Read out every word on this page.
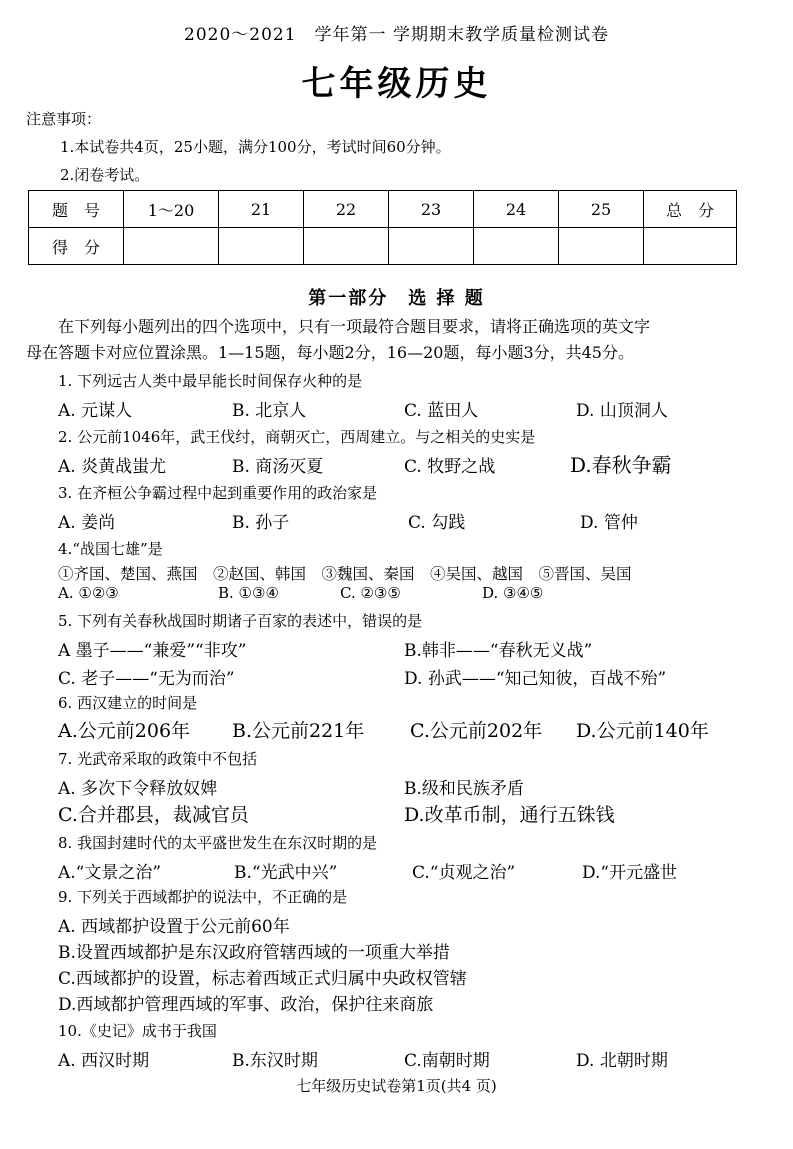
2020～2021　学年第一 学期期末教学质量检测试卷
七年级历史
注意事项：
1.本试卷共4页，25小题，满分100分，考试时间60分钟。
2.闭卷考试。
题　号	1～20	21	22	23	24	25	总　分
得　分							
第一部分　选 择 题
在下列每小题列出的四个选项中，只有一项最符合题目要求，请将正确选项的英文字
母在答题卡对应位置涂黑。1—15题，每小题2分，16—20题，每小题3分，共45分。
1. 下列远古人类中最早能长时间保存火种的是
A. 元谋人	B. 北京人	C. 蓝田人	D. 山顶洞人
2. 公元前1046年，武王伐纣，商朝灭亡，西周建立。与之相关的史实是
A. 炎黄战蚩尤	B. 商汤灭夏	C. 牧野之战	D.春秋争霸
3. 在齐桓公争霸过程中起到重要作用的政治家是
A. 姜尚	B. 孙子	C. 勾践	D. 管仲
4.“战国七雄”是
①齐国、楚国、燕国　②赵国、韩国　③魏国、秦国　④吴国、越国　⑤晋国、吴国
A. ①②③	B. ①③④	C. ②③⑤	D. ③④⑤
5. 下列有关春秋战国时期诸子百家的表述中，错误的是
A 墨子——“兼爱”“非攻”	B.韩非——“春秋无义战”
C. 老子——“无为而治”	D. 孙武——“知己知彼，百战不殆”
6. 西汉建立的时间是
A.公元前206年 B.公元前221年 C.公元前202年 D.公元前140年
7. 光武帝采取的政策中不包括
A. 多次下令释放奴婢	B.级和民族矛盾
C.合并郡县，裁减官员	D.改革币制，通行五铢钱
8. 我国封建时代的太平盛世发生在东汉时期的是
A.“文景之治”	B.“光武中兴”	C.“贞观之治”	D.“开元盛世
9. 下列关于西域都护的说法中，不正确的是
A. 西域都护设置于公元前60年
B.设置西域都护是东汉政府管辖西域的一项重大举措
C.西域都护的设置，标志着西域正式归属中央政权管辖
D.西域都护管理西域的军事、政治，保护往来商旅
10.《史记》成书于我国
A. 西汉时期	B.东汉时期	C.南朝时期	D. 北朝时期
七年级历史试卷第1页(共4 页)
